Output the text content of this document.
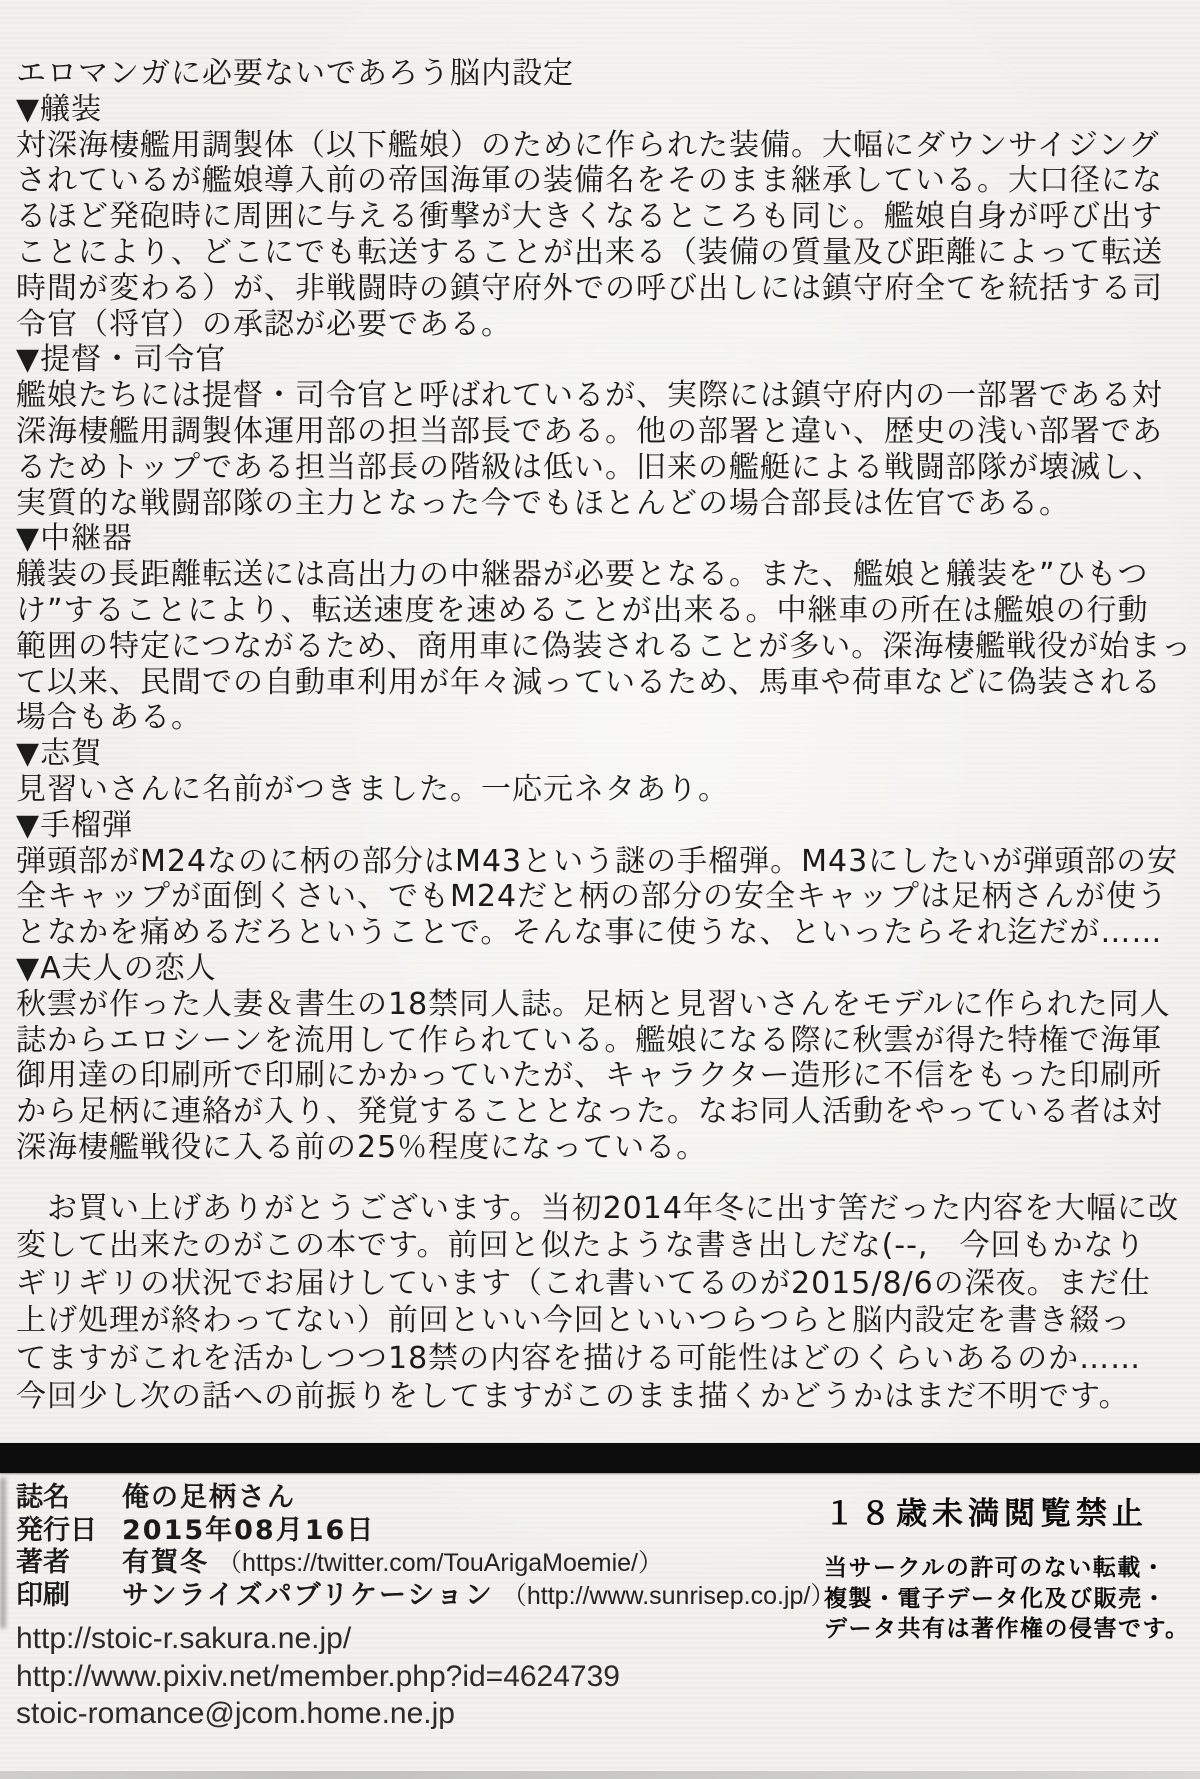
エロマンガに必要ないであろう脳内設定
▼艤装
対深海棲艦用調製体（以下艦娘）のために作られた装備。大幅にダウンサイジング
されているが艦娘導入前の帝国海軍の装備名をそのまま継承している。大口径にな
るほど発砲時に周囲に与える衝撃が大きくなるところも同じ。艦娘自身が呼び出す
ことにより、どこにでも転送することが出来る（装備の質量及び距離によって転送
時間が変わる）が、非戦闘時の鎮守府外での呼び出しには鎮守府全てを統括する司
令官（将官）の承認が必要である。
▼提督・司令官
艦娘たちには提督・司令官と呼ばれているが、実際には鎮守府内の一部署である対
深海棲艦用調製体運用部の担当部長である。他の部署と違い、歴史の浅い部署であ
るためトップである担当部長の階級は低い。旧来の艦艇による戦闘部隊が壊滅し、
実質的な戦闘部隊の主力となった今でもほとんどの場合部長は佐官である。
▼中継器
艤装の長距離転送には高出力の中継器が必要となる。また、艦娘と艤装を”ひもつ
け”することにより、転送速度を速めることが出来る。中継車の所在は艦娘の行動
範囲の特定につながるため、商用車に偽装されることが多い。深海棲艦戦役が始まっ
て以来、民間での自動車利用が年々減っているため、馬車や荷車などに偽装される
場合もある。
▼志賀
見習いさんに名前がつきました。一応元ネタあり。
▼手榴弾
弾頭部がM24なのに柄の部分はM43という謎の手榴弾。M43にしたいが弾頭部の安
全キャップが面倒くさい、でもM24だと柄の部分の安全キャップは足柄さんが使う
となかを痛めるだろということで。そんな事に使うな、といったらそれ迄だが……
▼A夫人の恋人
秋雲が作った人妻＆書生の18禁同人誌。足柄と見習いさんをモデルに作られた同人
誌からエロシーンを流用して作られている。艦娘になる際に秋雲が得た特権で海軍
御用達の印刷所で印刷にかかっていたが、キャラクター造形に不信をもった印刷所
から足柄に連絡が入り、発覚することとなった。なお同人活動をやっている者は対
深海棲艦戦役に入る前の25％程度になっている。
　お買い上げありがとうございます。当初2014年冬に出す筈だった内容を大幅に改
変して出来たのがこの本です。前回と似たような書き出しだな(--,　今回もかなり
ギリギリの状況でお届けしています（これ書いてるのが2015/8/6の深夜。まだ仕
上げ処理が終わってない）前回といい今回といいつらつらと脳内設定を書き綴っ
てますがこれを活かしつつ18禁の内容を描ける可能性はどのくらいあるのか……
今回少し次の話への前振りをしてますがこのまま描くかどうかはまだ不明です。
誌名	俺の足柄さん
発行日 2015年08月16日
著者	有賀冬 （https://twitter.com/TouArigaMoemie/）
印刷	サンライズパブリケーション （http://www.sunrisep.co.jp/）
http://stoic-r.sakura.ne.jp/
http://www.pixiv.net/member.php?id=4624739
stoic-romance@jcom.home.ne.jp
１８歳未満閲覧禁止
当サークルの許可のない転載・
複製・電子データ化及び販売・
データ共有は著作権の侵害です。
